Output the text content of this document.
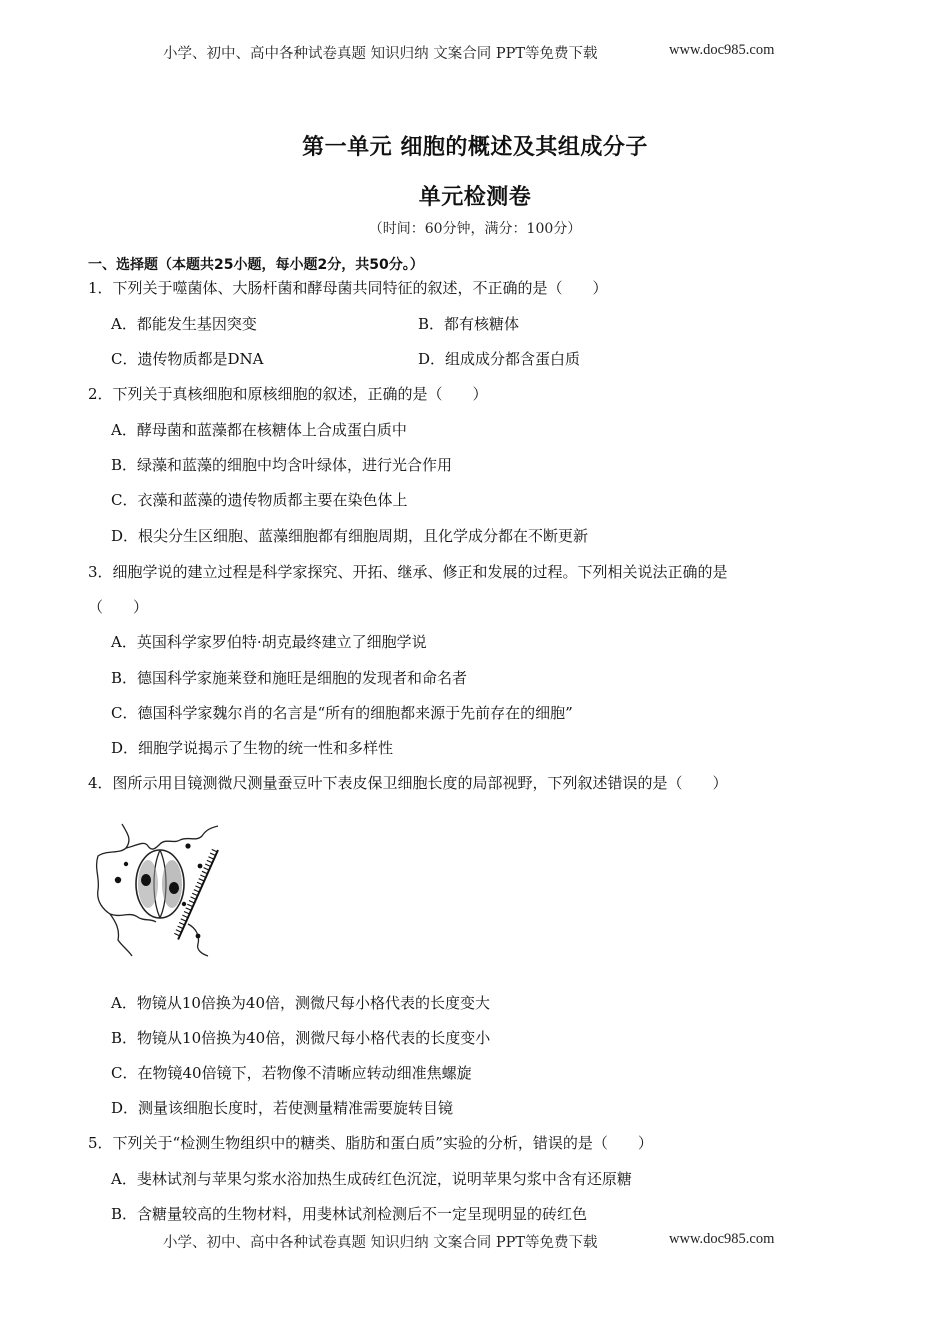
小学、初中、高中各种试卷真题 知识归纳 文案合同 PPT等免费下载	www.doc985.com
第一单元 细胞的概述及其组成分子
单元检测卷
（时间：60分钟，满分：100分）
一、选择题（本题共25小题，每小题2分，共50分。）
1．下列关于噬菌体、大肠杆菌和酵母菌共同特征的叙述，不正确的是（　　）
A．都能发生基因突变	B．都有核糖体
C．遗传物质都是DNA	D．组成成分都含蛋白质
2．下列关于真核细胞和原核细胞的叙述，正确的是（　　）
A．酵母菌和蓝藻都在核糖体上合成蛋白质中
B．绿藻和蓝藻的细胞中均含叶绿体，进行光合作用
C．衣藻和蓝藻的遗传物质都主要在染色体上
D．根尖分生区细胞、蓝藻细胞都有细胞周期，且化学成分都在不断更新
3．细胞学说的建立过程是科学家探究、开拓、继承、修正和发展的过程。下列相关说法正确的是
（　　）
A．英国科学家罗伯特·胡克最终建立了细胞学说
B．德国科学家施莱登和施旺是细胞的发现者和命名者
C．德国科学家魏尔肖的名言是“所有的细胞都来源于先前存在的细胞”
D．细胞学说揭示了生物的统一性和多样性
4．图所示用目镜测微尺测量蚕豆叶下表皮保卫细胞长度的局部视野，下列叙述错误的是（　　）
A．物镜从10倍换为40倍，测微尺每小格代表的长度变大
B．物镜从10倍换为40倍，测微尺每小格代表的长度变小
C．在物镜40倍镜下，若物像不清晰应转动细准焦螺旋
D．测量该细胞长度时，若使测量精准需要旋转目镜
5．下列关于“检测生物组织中的糖类、脂肪和蛋白质”实验的分析，错误的是（　　）
A．斐林试剂与苹果匀浆水浴加热生成砖红色沉淀，说明苹果匀浆中含有还原糖
B．含糖量较高的生物材料，用斐林试剂检测后不一定呈现明显的砖红色
小学、初中、高中各种试卷真题 知识归纳 文案合同 PPT等免费下载	www.doc985.com
